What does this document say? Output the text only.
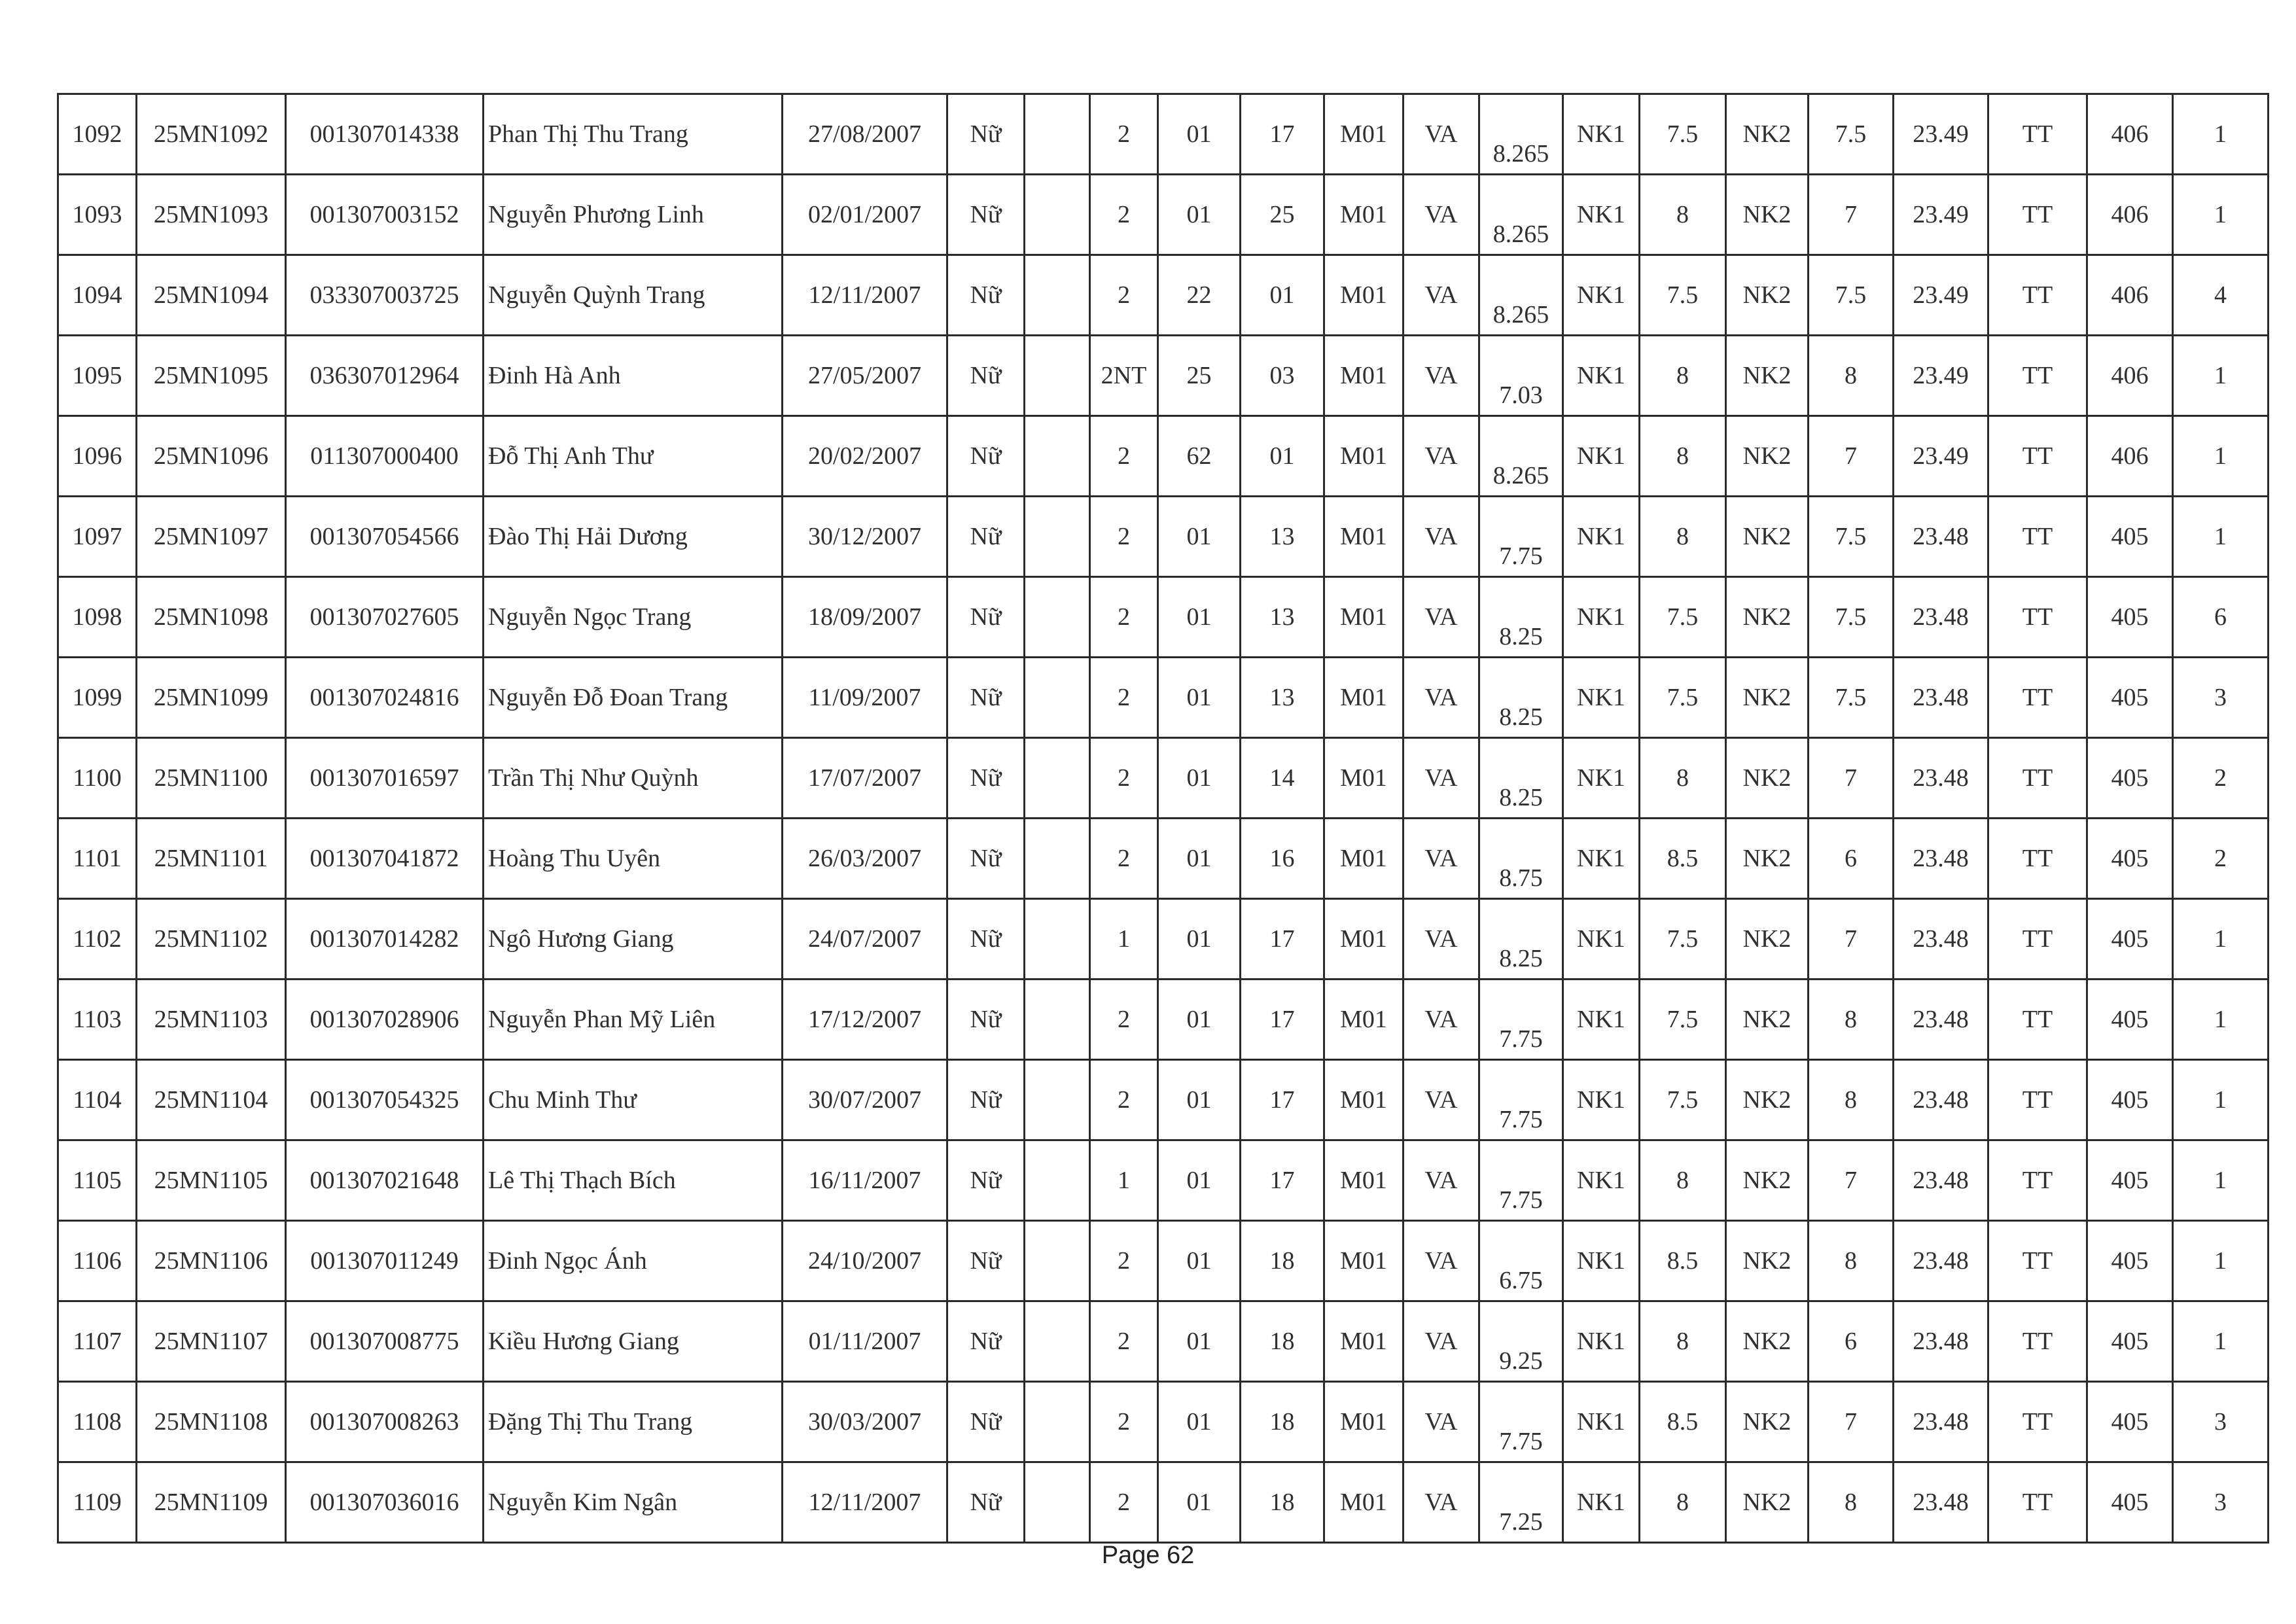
1092	25MN1092	001307014338	Phan Thị Thu Trang	27/08/2007	Nữ		2	01	17	M01	VA	8.265	NK1	7.5	NK2	7.5	23.49	TT	406	1
1093	25MN1093	001307003152	Nguyễn Phương Linh	02/01/2007	Nữ		2	01	25	M01	VA	8.265	NK1	8	NK2	7	23.49	TT	406	1
1094	25MN1094	033307003725	Nguyễn Quỳnh Trang	12/11/2007	Nữ		2	22	01	M01	VA	8.265	NK1	7.5	NK2	7.5	23.49	TT	406	4
1095	25MN1095	036307012964	Đinh Hà Anh	27/05/2007	Nữ		2NT	25	03	M01	VA	7.03	NK1	8	NK2	8	23.49	TT	406	1
1096	25MN1096	011307000400	Đỗ Thị Anh Thư	20/02/2007	Nữ		2	62	01	M01	VA	8.265	NK1	8	NK2	7	23.49	TT	406	1
1097	25MN1097	001307054566	Đào Thị Hải Dương	30/12/2007	Nữ		2	01	13	M01	VA	7.75	NK1	8	NK2	7.5	23.48	TT	405	1
1098	25MN1098	001307027605	Nguyễn Ngọc Trang	18/09/2007	Nữ		2	01	13	M01	VA	8.25	NK1	7.5	NK2	7.5	23.48	TT	405	6
1099	25MN1099	001307024816	Nguyễn Đỗ Đoan Trang	11/09/2007	Nữ		2	01	13	M01	VA	8.25	NK1	7.5	NK2	7.5	23.48	TT	405	3
1100	25MN1100	001307016597	Trần Thị Như Quỳnh	17/07/2007	Nữ		2	01	14	M01	VA	8.25	NK1	8	NK2	7	23.48	TT	405	2
1101	25MN1101	001307041872	Hoàng Thu Uyên	26/03/2007	Nữ		2	01	16	M01	VA	8.75	NK1	8.5	NK2	6	23.48	TT	405	2
1102	25MN1102	001307014282	Ngô Hương Giang	24/07/2007	Nữ		1	01	17	M01	VA	8.25	NK1	7.5	NK2	7	23.48	TT	405	1
1103	25MN1103	001307028906	Nguyễn Phan Mỹ Liên	17/12/2007	Nữ		2	01	17	M01	VA	7.75	NK1	7.5	NK2	8	23.48	TT	405	1
1104	25MN1104	001307054325	Chu Minh Thư	30/07/2007	Nữ		2	01	17	M01	VA	7.75	NK1	7.5	NK2	8	23.48	TT	405	1
1105	25MN1105	001307021648	Lê Thị Thạch Bích	16/11/2007	Nữ		1	01	17	M01	VA	7.75	NK1	8	NK2	7	23.48	TT	405	1
1106	25MN1106	001307011249	Đinh Ngọc Ánh	24/10/2007	Nữ		2	01	18	M01	VA	6.75	NK1	8.5	NK2	8	23.48	TT	405	1
1107	25MN1107	001307008775	Kiều Hương Giang	01/11/2007	Nữ		2	01	18	M01	VA	9.25	NK1	8	NK2	6	23.48	TT	405	1
1108	25MN1108	001307008263	Đặng Thị Thu Trang	30/03/2007	Nữ		2	01	18	M01	VA	7.75	NK1	8.5	NK2	7	23.48	TT	405	3
1109	25MN1109	001307036016	Nguyễn Kim Ngân	12/11/2007	Nữ		2	01	18	M01	VA	7.25	NK1	8	NK2	8	23.48	TT	405	3
Page 62
